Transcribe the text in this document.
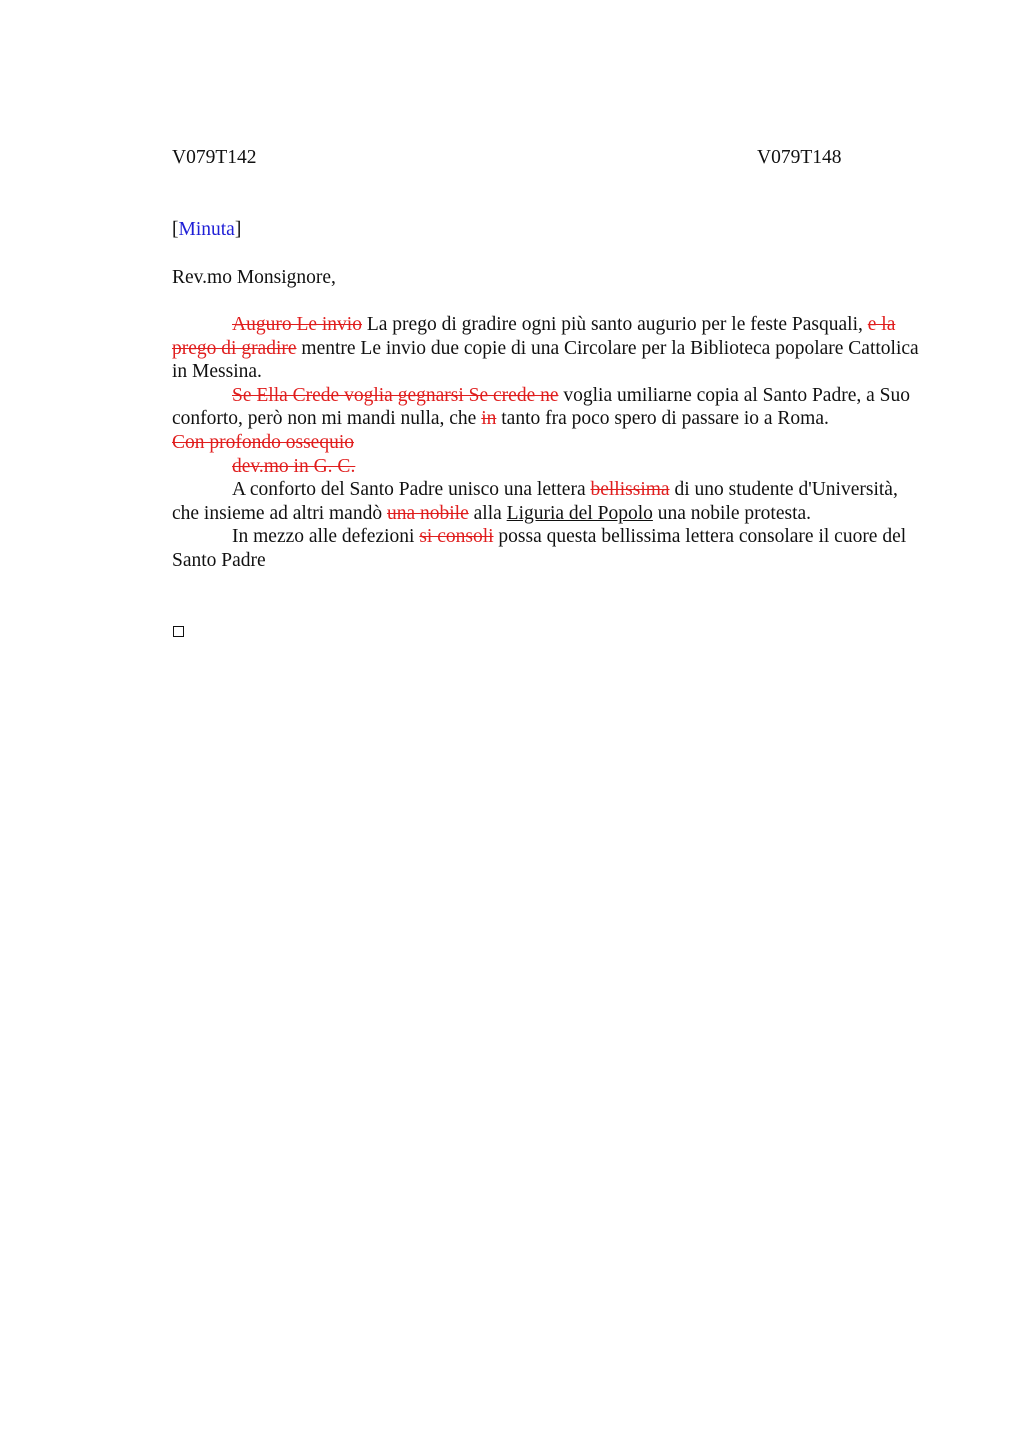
V079T142	V079T148
[Minuta]
Rev.mo Monsignore,

Auguro Le invio La prego di gradire ogni più santo augurio per le feste Pasquali, e la prego di gradire mentre Le invio due copie di una Circolare per la Biblioteca popolare Cattolica in Messina.

Se Ella Crede voglia gegnarsi Se crede ne voglia umiliarne copia al Santo Padre, a Suo conforto, però non mi mandi nulla, che in tanto fra poco spero di passare io a Roma.

Con profondo ossequio

dev.mo in G. C.

A conforto del Santo Padre unisco una lettera bellissima di uno studente d'Università, che insieme ad altri mandò una nobile alla Liguria del Popolo una nobile protesta.

In mezzo alle defezioni si consoli possa questa bellissima lettera consolare il cuore del Santo Padre
